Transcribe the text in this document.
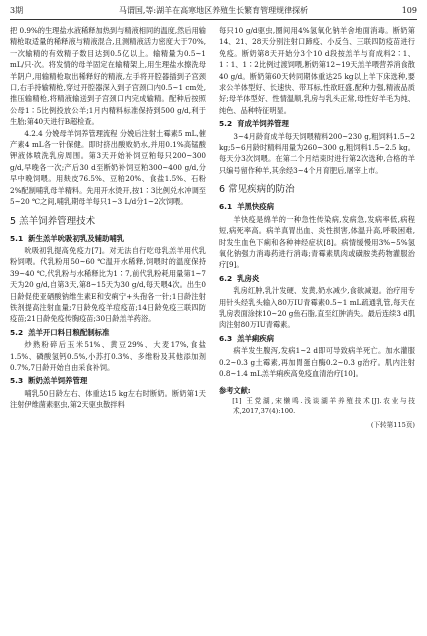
3期	马谓国,等:湖羊在高寒地区养殖生长繁育管理规律探析	109

把 0.9%的生理盐水液稀释加热到与精液相同的温度,然后用输精枪取适量的稀释液与精液混合,且测精液活力密度大于70%,一次输精的有效精子数目达到0.5亿以上。输精量为0.5~1 mL/只·次。将发情的母羊固定在输精架上,用生理盐水擦洗母羊阴户,用输精枪取出稀释好的精液,左手将开腔器插到子宫颈口,右手持输精枪,穿过开腔器深入到子宫颈口内0.5~1 cm处,推压输精枪,将精液输送到子宫颈口内完成输精。配种后按照公母1∶5比例投放公羊;1月内精料标准保持到500 g/d,利于生胎;第40天进行B超检查。

4.2.4 分娩母羊饲养管理流程 分娩后注射土霉素5 mL,催产素4 mL各一针保健。即时挤出酸败奶水,并用0.1%高锰酸钾液体喷洗乳房周围。第3天开始补饲豆粕每只200~300 g/d,早晚各一次;产后30 d至断奶补饲豆粕300~400 g/d,分早中晚饲喂。用麸皮76.5%、豆粕20%、食盐1.5%、石粉2%配制哺乳母羊精料。先用开水烫开,按1∶3比例兑水冲调至5~20 ℃之间,哺乳期母羊每只1~3 L/d分1~2次饲喂。

5 羔羊饲养管理技术
5.1 新生羔羊吮吸初乳及辅助哺乳

吮吸初乳提高免疫力[7]。对无法自行吃母乳羔羊用代乳粉饲喂。代乳粉用50~60 ℃温开水稀释,饲喂时的温度保持39~40 ℃,代乳粉与水稀释比为1∶7,前代乳粉耗用量第1~7天为20 g/d,自第3天,第8~15天为30 g/d,每天喂4次。出生0日龄促使亚硒酸钠维生素E和安痢宁+头孢各一针;1日龄注射铁剂提高注射血量;7日龄免疫羊痘疫苗;14日龄免疫三联四防疫苗;21日龄免疫传胸疫苗;30日龄羔羊药浴。

5.2 羔羊开口料日粮配制标准

炒熟粉碎后玉米51%、黄豆29%、大麦17%,食盐1.5%、磷酸氢钙0.5%,小苏打0.3%、多维粉及其他添加剂0.7%,7日龄开始自由采食补饲。

5.3 断奶羔羊饲养管理

哺乳50日龄左右、体重达15 kg左右时断奶。断奶第1天注射伊维菌素驱虫,第2天驱虫散拌料

每只10 g/d驱虫,圈间用4%氢氧化钠羊舍地面消毒。断奶第14、21、28天分别注射口蹄疫、小反刍、三联四防疫苗进行免疫。断奶第8天开始分3个10 d段按羔羊与育成料2∶1、1∶1、1∶2比例过渡饲喂,断奶第12~19天羔羊喂营养消食散40 g/d。断奶第60天转同期体重达25 kg以上羊下床选种,要求公羊体型好、长速快、带耳标,性欲旺盛,配种力强,精液品质好;母羊体型好、性情温顺,乳房与乳头正常,母性好羊毛为纯、纯色、品种特征明显。

5.2 育成羊饲养管理

3~4月龄育成羊每天饲喂精料200~230 g,粗饲料1.5~2 kg;5~6月龄时精料用量为260~300 g,粗饲料1.5~2.5 kg。每天分3次饲喂。在第二个月结束时进行第2次选种,合格的羊只编号留作种羊,其余经3~4个月育肥后,屠宰上市。

6 常见疾病的防治
6.1 羊黑快疫病

羊快疫是绵羊的一种急性传染病,发病急,发病率低,病程短,病死率高。病羊真胃出血、炎性损害,体温升高,呼吸困难,时发生血色下痢和各种神经症状[8]。病情缓慢用3%~5%氢氧化钠强力消毒药进行消毒;青霉素肌肉或磺胺类药物灌服治疗[9]。

6.2 乳房炎

乳房红肿,乳汁发硬、发黄,奶水减少,食欲减退。治疗用专用针头经乳头输入80万IU青霉素0.5~1 mL疏通乳管,每天在乳房表面涂抹10~20 g鱼石脂,直至红肿消失。最后连续3 d肌肉注射80万IU青霉素。

6.3 羔羊痢疾病

病羊发生腹泻,发病1~2 d即可导致病羊死亡。加水灌服0.2~0.3 g土霉素,再加胃蛋白酶0.2~0.3 g治疗。肌内注射0.8~1.4 mL羔羊痢疾高免疫血清治疗[10]。

参考文献:

[1] 王党湖,宋懒鸣.浅谈湖羊养殖技术[J].农业与技术,2017,37(4):100.

(下转第115页)
